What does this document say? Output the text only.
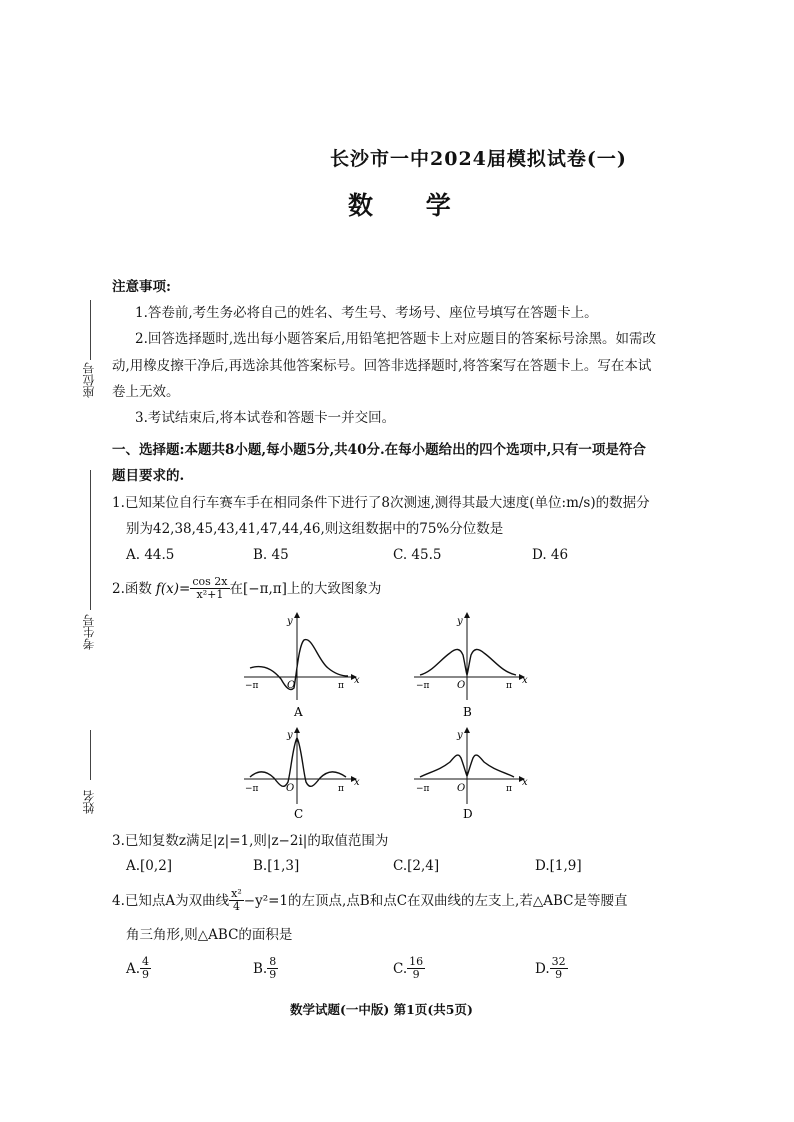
长沙市一中2024届模拟试卷(一)
数 学
座位号
考生号
姓名
注意事项:
1.答卷前,考生务必将自己的姓名、考生号、考场号、座位号填写在答题卡上。
2.回答选择题时,选出每小题答案后,用铅笔把答题卡上对应题目的答案标号涂黑。如需改
动,用橡皮擦干净后,再选涂其他答案标号。回答非选择题时,将答案写在答题卡上。写在本试
卷上无效。
3.考试结束后,将本试卷和答题卡一并交回。
一、选择题:本题共8小题,每小题5分,共40分.在每小题给出的四个选项中,只有一项是符合
题目要求的.
1.已知某位自行车赛车手在相同条件下进行了8次测速,测得其最大速度(单位:m/s)的数据分
别为42,38,45,43,41,47,44,46,则这组数据中的75%分位数是
A. 44.5	B. 45	C. 45.5	D. 46
2.函数 $f(x)= \frac{\cos 2x}{\text{x²+1}}$ 在[−π,π]上的大致图象为
y
x
O
−π	π
A
y
x
O
−π	π
B
y
x
O
−π	π
C
y
x
O
−π	π
D
3.已知复数z满足|z|=1,则|z−2i|的取值范围为
A.[0,2]	B.[1,3]	C.[2,4]	D.[1,9]
4.已知点A为双曲线 $\frac{\text{x²}}{4} -y^2=1$的左顶点,点B和点C在双曲线的左支上,若△ABC是等腰直
角三角形,则△ABC的面积是
A. $\frac{4}{9}$	B. $\frac{8}{9}$	C. $\frac{16}{9}$	D. $\frac{32}{9}$
数学试题(一中版) 第1页(共5页)
